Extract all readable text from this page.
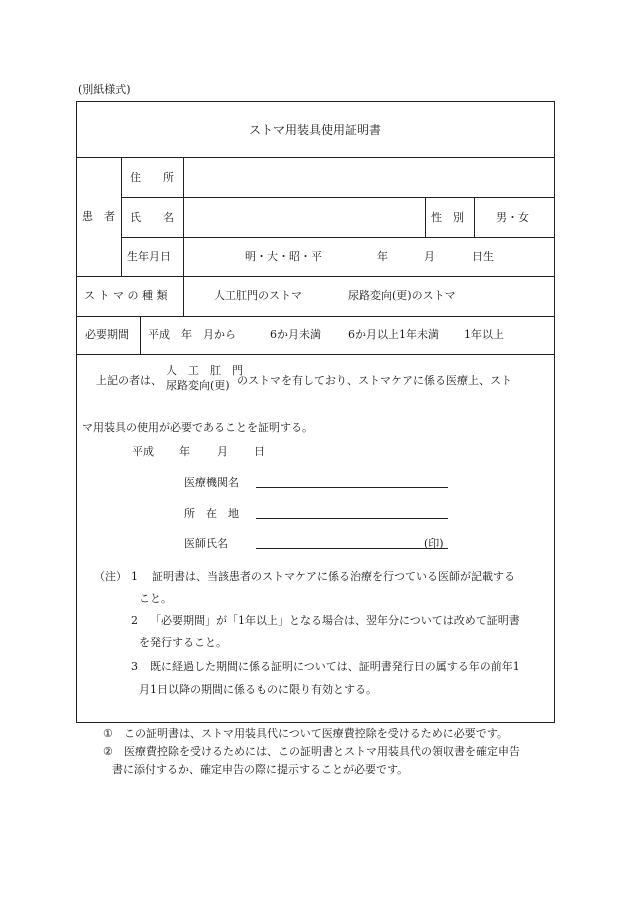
(別紙様式)
ストマ用装具使用証明書
患　者
住　　所
氏　　名	性　別	男・女
生年月日	明・大・昭・平	年	月	日生
ス ト マ の 種 類	人工肛門のストマ	尿路変向(更)のストマ
必要期間 平成　年　月から	6か月未満 6か月以上1年未満 1年以上
上記の者は、
人　工　肛　門
尿路変向(更) のストマを有しており、ストマケアに係る医療上、スト
マ用装具の使用が必要であることを証明する。
平成 年 月 日
医療機関名
所　在　地
医師氏名	(印)
（注） 1 証明書は、当該患者のストマケアに係る治療を行つている医師が記載する
こと。
2 「必要期間」が「1年以上」となる場合は、翌年分については改めて証明書
を発行すること。
3 既に経過した期間に係る証明については、証明書発行日の属する年の前年1
月1日以降の期間に係るものに限り有効とする。
① この証明書は、ストマ用装具代について医療費控除を受けるために必要です。
② 医療費控除を受けるためには、この証明書とストマ用装具代の領収書を確定申告
書に添付するか、確定申告の際に提示することが必要です。
